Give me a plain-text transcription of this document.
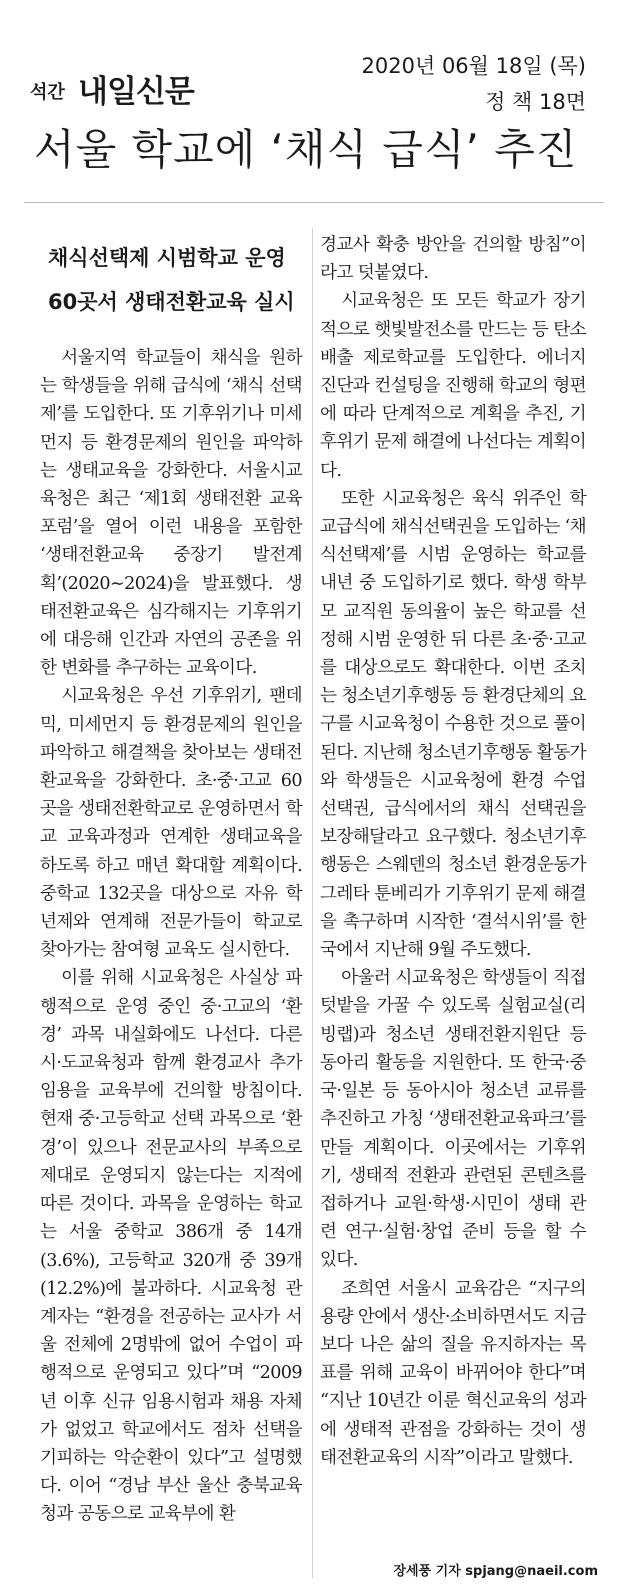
석간 내일신문
2020년 06월 18일 (목)
정 책 18면
서울 학교에 ‘채식 급식’ 추진
채식선택제 시범학교 운영
60곳서 생태전환교육 실시

서울지역 학교들이 채식을 원하는 학생들을 위해 급식에 ‘채식 선택제’를 도입한다. 또 기후위기나 미세먼지 등 환경문제의 원인을 파악하는 생태교육을 강화한다. 서울시교육청은 최근 ‘제1회 생태전환 교육 포럼’을 열어 이런 내용을 포함한 ‘생태전환교육 중장기 발전계획’(2020∼2024)을 발표했다. 생태전환교육은 심각해지는 기후위기에 대응해 인간과 자연의 공존을 위한 변화를 추구하는 교육이다.

시교육청은 우선 기후위기, 팬데믹, 미세먼지 등 환경문제의 원인을 파악하고 해결책을 찾아보는 생태전환교육을 강화한다. 초·중·고교 60곳을 생태전환학교로 운영하면서 학교 교육과정과 연계한 생태교육을 하도록 하고 매년 확대할 계획이다. 중학교 132곳을 대상으로 자유 학년제와 연계해 전문가들이 학교로 찾아가는 참여형 교육도 실시한다.

이를 위해 시교육청은 사실상 파행적으로 운영 중인 중·고교의 ‘환경’ 과목 내실화에도 나선다. 다른 시·도교육청과 함께 환경교사 추가 임용을 교육부에 건의할 방침이다. 현재 중·고등학교 선택 과목으로 ‘환경’이 있으나 전문교사의 부족으로 제대로 운영되지 않는다는 지적에 따른 것이다. 과목을 운영하는 학교는 서울 중학교 386개 중 14개(3.6%), 고등학교 320개 중 39개(12.2%)에 불과하다. 시교육청 관계자는 “환경을 전공하는 교사가 서울 전체에 2명밖에 없어 수업이 파행적으로 운영되고 있다”며 “2009년 이후 신규 임용시험과 채용 자체가 없었고 학교에서도 점차 선택을 기피하는 악순환이 있다”고 설명했다. 이어 “경남 부산 울산 충북교육청과 공동으로 교육부에 환

경교사 확충 방안을 건의할 방침”이라고 덧붙였다.

시교육청은 또 모든 학교가 장기적으로 햇빛발전소를 만드는 등 탄소배출 제로학교를 도입한다. 에너지 진단과 컨설팅을 진행해 학교의 형편에 따라 단계적으로 계획을 추진, 기후위기 문제 해결에 나선다는 계획이다.

또한 시교육청은 육식 위주인 학교급식에 채식선택권을 도입하는 ‘채식선택제’를 시범 운영하는 학교를 내년 중 도입하기로 했다. 학생 학부모 교직원 동의율이 높은 학교를 선정해 시범 운영한 뒤 다른 초·중·고교를 대상으로도 확대한다. 이번 조치는 청소년기후행동 등 환경단체의 요구를 시교육청이 수용한 것으로 풀이된다. 지난해 청소년기후행동 활동가와 학생들은 시교육청에 환경 수업 선택권, 급식에서의 채식 선택권을 보장해달라고 요구했다. 청소년기후행동은 스웨덴의 청소년 환경운동가 그레타 툰베리가 기후위기 문제 해결을 촉구하며 시작한 ‘결석시위’를 한국에서 지난해 9월 주도했다.

아울러 시교육청은 학생들이 직접 텃밭을 가꿀 수 있도록 실험교실(리빙랩)과 청소년 생태전환지원단 등 동아리 활동을 지원한다. 또 한국·중국·일본 등 동아시아 청소년 교류를 추진하고 가칭 ‘생태전환교육파크’를 만들 계획이다. 이곳에서는 기후위기, 생태적 전환과 관련된 콘텐츠를 접하거나 교원·학생·시민이 생태 관련 연구·실험·창업 준비 등을 할 수 있다.

조희연 서울시 교육감은 “지구의 용량 안에서 생산·소비하면서도 지금보다 나은 삶의 질을 유지하자는 목표를 위해 교육이 바뀌어야 한다”며 “지난 10년간 이룬 혁신교육의 성과에 생태적 관점을 강화하는 것이 생태전환교육의 시작”이라고 말했다.

장세풍 기자 spjang@naeil.com
